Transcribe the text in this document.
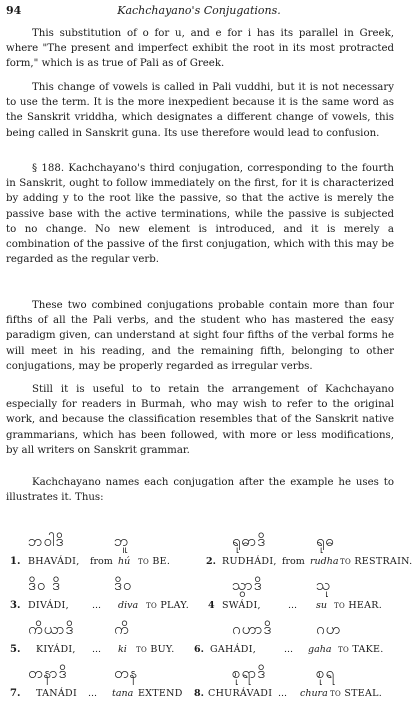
94	Kachchayano's Conjugations.

This substitution of o for u, and e for i has its parallel in Greek, where "The present and imperfect exhibit the root in its most protracted form," which is as true of Pali as of Greek.

This change of vowels is called in Pali vuddhi, but it is not necessary to use the term. It is the more inexpedient because it is the same word as the Sanskrit vriddha, which designates a different change of vowels, this being called in Sanskrit guna. Its use therefore would lead to confusion.

§ 188. Kachchayano's third conjugation, corresponding to the fourth in Sanskrit, ought to follow immediately on the first, for it is characterized by adding y to the root like the passive, so that the active is merely the passive base with the active terminations, while the passive is subjected to no change. No new element is introduced, and it is merely a combination of the passive of the first conjugation, which with this may be regarded as the regular verb.

These two combined conjugations probable contain more than four fifths of all the Pali verbs, and the student who has mastered the easy paradigm given, can understand at sight four fifths of the verbal forms he will meet in his reading, and the remaining fifth, belonging to other conjugations, may be properly regarded as irregular verbs.

Still it is useful to to retain the arrangement of Kachchayano especially for readers in Burmah, who may wish to refer to the original work, and because the classification resembles that of the Sanskrit native grammarians, which has been followed, with more or less modifications, by all writers on Sanskrit grammar.

Kachchayano names each conjugation after the example he uses to illustrates it. Thus:

ဘဝါဒိ	ဘူ	ရုဓာဒိ	ရုဓ
1. BHAVÁDI, from hú to BE.	2. RUDHÁDI, from rudha to RESTRAIN.
ဒိဝ ဒိ	ဒိဝ	သွာဒိ	သု
3. DIVÁDI, ... diva to PLAY. 4 SWÁDI,	... su to HEAR.
ကိယာဒိ	ကိ	ဂဟာဒိ	ဂဟ
5. KIYÁDI, ... ki to BUY. 6. GAHÁDI,	... gaha to TAKE.
တနာဒိ	တန	စုရာဒိ	စုရ
7. TANÁDI ... tana EXTEND 8. CHURÁVADI ... chura to STEAL.
